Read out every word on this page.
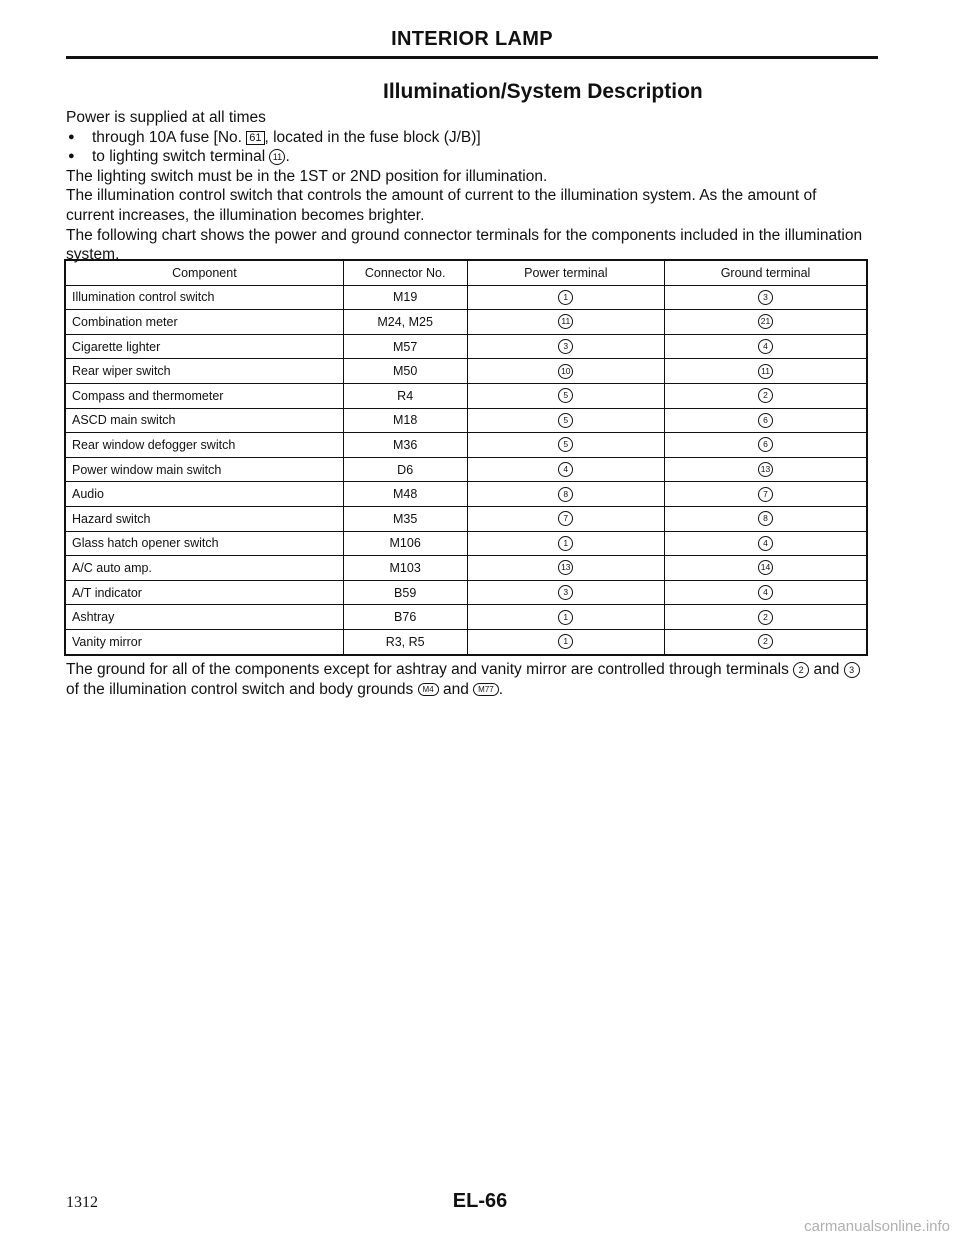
INTERIOR LAMP
Illumination/System Description

Power is supplied at all times

● through 10A fuse [No. 61 , located in the fuse block (J/B)]

● to lighting switch terminal 11 .

The lighting switch must be in the 1ST or 2ND position for illumination.

The illumination control switch that controls the amount of current to the illumination system. As the amount of current increases, the illumination becomes brighter.

The following chart shows the power and ground connector terminals for the components included in the illumination system.

Component	Connector No.	Power terminal	Ground terminal
Illumination control switch	M19	1	3
Combination meter	M24, M25	11	21
Cigarette lighter	M57	3	4
Rear wiper switch	M50	10	11
Compass and thermometer	R4	5	2
ASCD main switch	M18	5	6
Rear window defogger switch	M36	5	6
Power window main switch	D6	4	13
Audio	M48	8	7
Hazard switch	M35	7	8
Glass hatch opener switch	M106	1	4
A/C auto amp.	M103	13	14
A/T indicator	B59	3	4
Ashtray	B76	1	2
Vanity mirror	R3, R5	1	2
The ground for all of the components except for ashtray and vanity mirror are controlled through terminals 2 and 3 of the illumination control switch and body grounds M4 and M77 .
1312	EL-66
carmanualsonline.info
